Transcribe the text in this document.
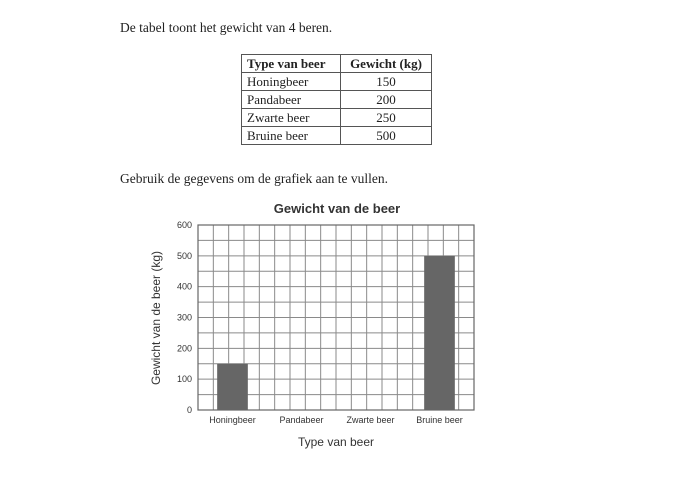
De tabel toont het gewicht van 4 beren.
Type van beer	Gewicht (kg)
Honingbeer	150
Pandabeer	200
Zwarte beer	250
Bruine beer	500
Gebruik de gegevens om de grafiek aan te vullen.
0
100
200
300
400
500
600
Honingbeer	Pandabeer	Zwarte beer Bruine beer
Gewicht van de beer
Type van beer
Gewicht van de beer (kg)
